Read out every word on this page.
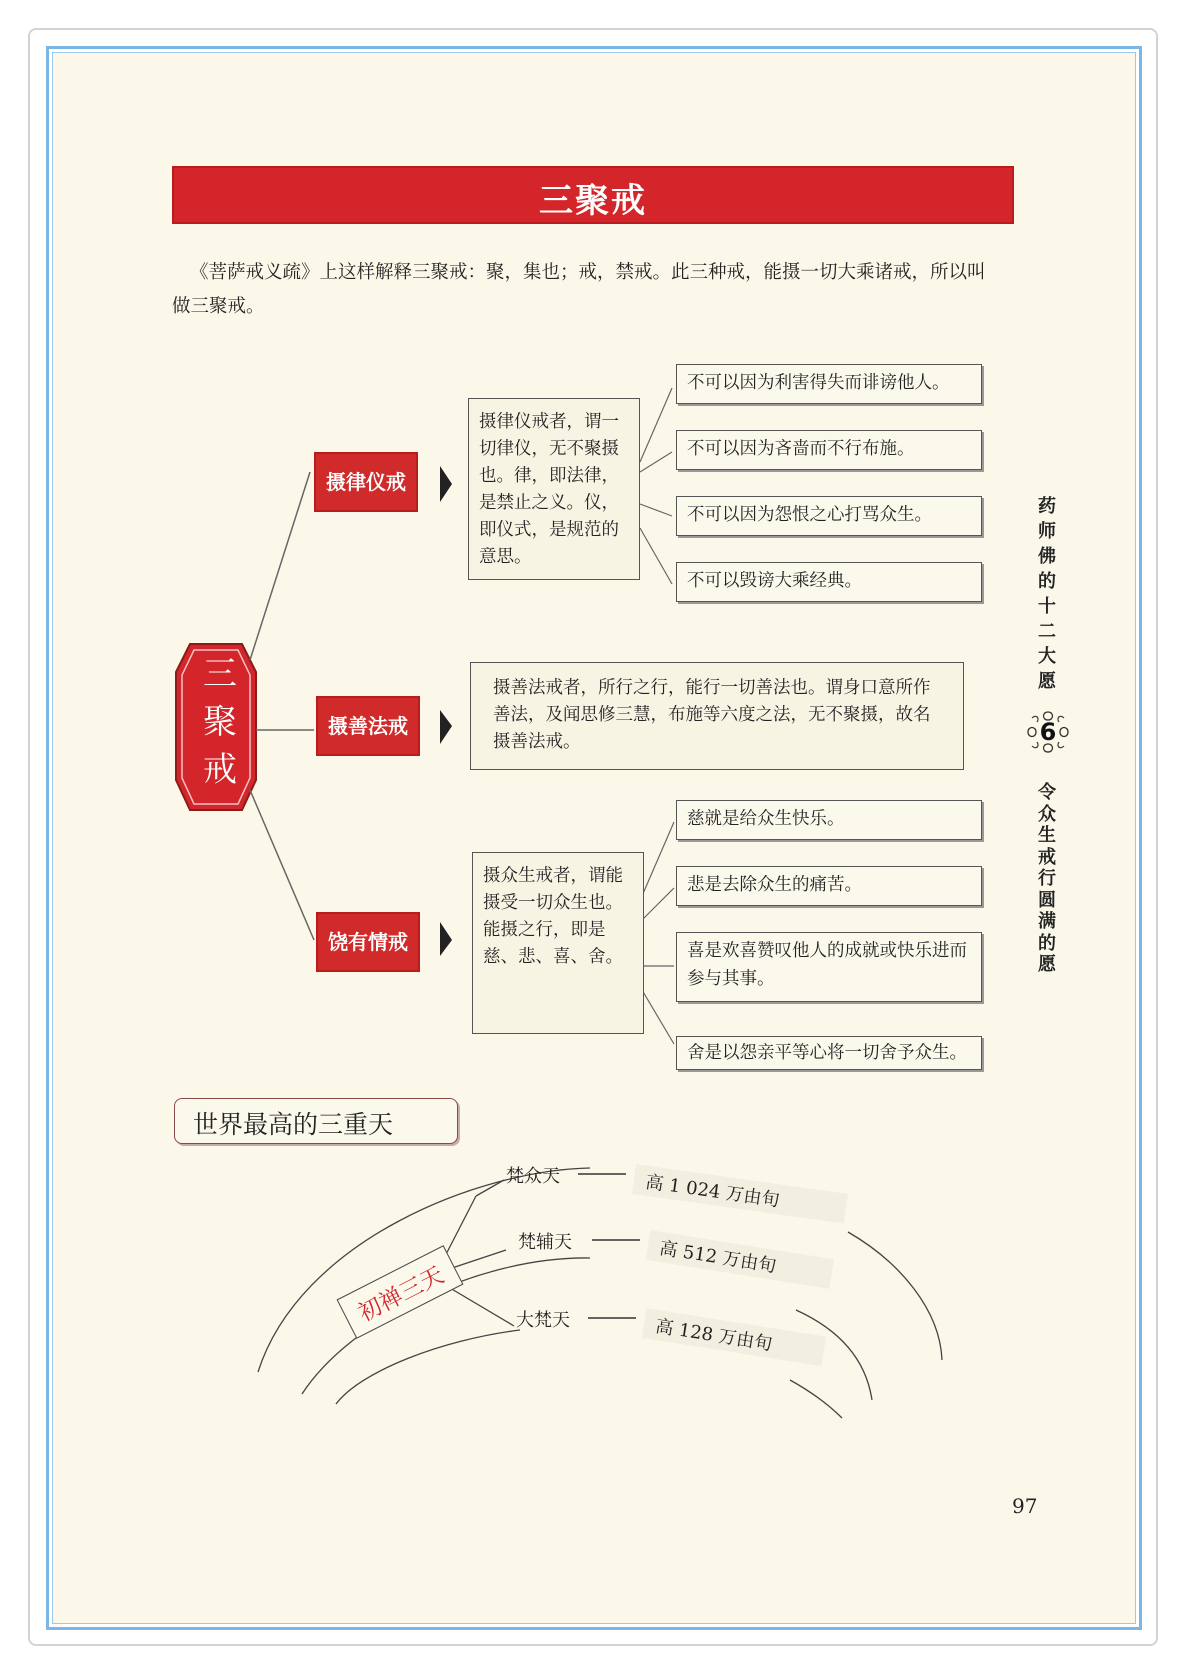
三聚戒
《菩萨戒义疏》上这样解释三聚戒：聚，集也；戒，禁戒。此三种戒，能摄一切大乘诸戒，所以叫做三聚戒。
三
聚
戒
摄律仪戒
摄善法戒
饶有情戒
摄律仪戒者，谓一切律仪，无不聚摄也。律，即法律，是禁止之义。仪，即仪式，是规范的意思。
摄善法戒者，所行之行，能行一切善法也。谓身口意所作善法，及闻思修三慧，布施等六度之法，无不聚摄，故名摄善法戒。
摄众生戒者，谓能摄受一切众生也。能摄之行，即是慈、悲、喜、舍。
不可以因为利害得失而诽谤他人。
不可以因为吝啬而不行布施。
不可以因为怨恨之心打骂众生。
不可以毁谤大乘经典。
慈就是给众生快乐。
悲是去除众生的痛苦。
喜是欢喜赞叹他人的成就或快乐进而参与其事。
舍是以怨亲平等心将一切舍予众生。
药
师
佛
的
十
二
大
愿
6
令
众
生
戒
行
圆
满
的
愿
世界最高的三重天
梵众天
梵辅天
大梵天
高 1 024 万由旬
高 512 万由旬
高 128 万由旬
初禅三天
97
